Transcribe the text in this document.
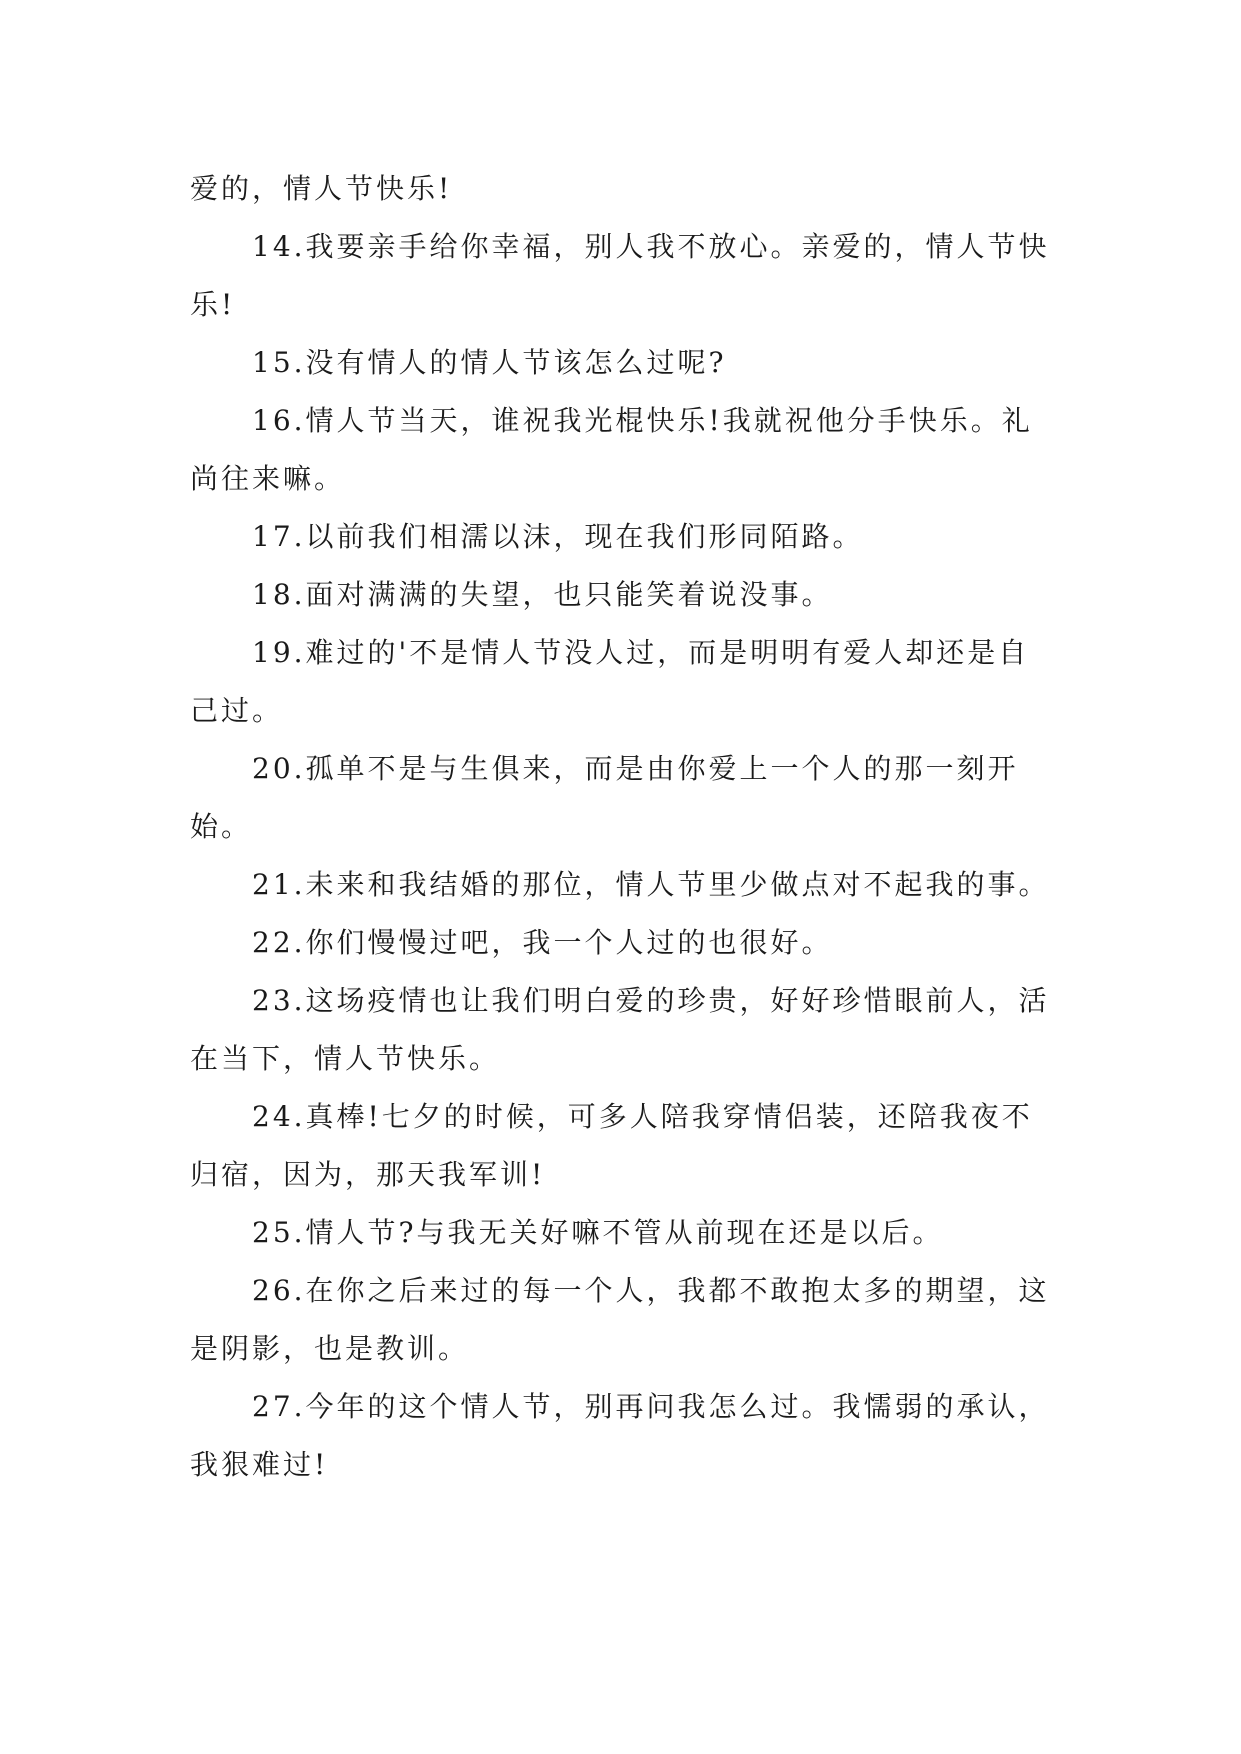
爱的，情人节快乐!

14.我要亲手给你幸福，别人我不放心。亲爱的，情人节快乐!

15.没有情人的情人节该怎么过呢?

16.情人节当天，谁祝我光棍快乐!我就祝他分手快乐。礼尚往来嘛。

17.以前我们相濡以沫，现在我们形同陌路。

18.面对满满的失望，也只能笑着说没事。

19.难过的'不是情人节没人过，而是明明有爱人却还是自己过。

20.孤单不是与生俱来，而是由你爱上一个人的那一刻开始。

21.未来和我结婚的那位，情人节里少做点对不起我的事。

22.你们慢慢过吧，我一个人过的也很好。

23.这场疫情也让我们明白爱的珍贵，好好珍惜眼前人，活在当下，情人节快乐。

24.真棒!七夕的时候，可多人陪我穿情侣装，还陪我夜不归宿，因为，那天我军训!

25.情人节?与我无关好嘛不管从前现在还是以后。

26.在你之后来过的每一个人，我都不敢抱太多的期望，这是阴影，也是教训。

27.今年的这个情人节，别再问我怎么过。我懦弱的承认，我狠难过!
